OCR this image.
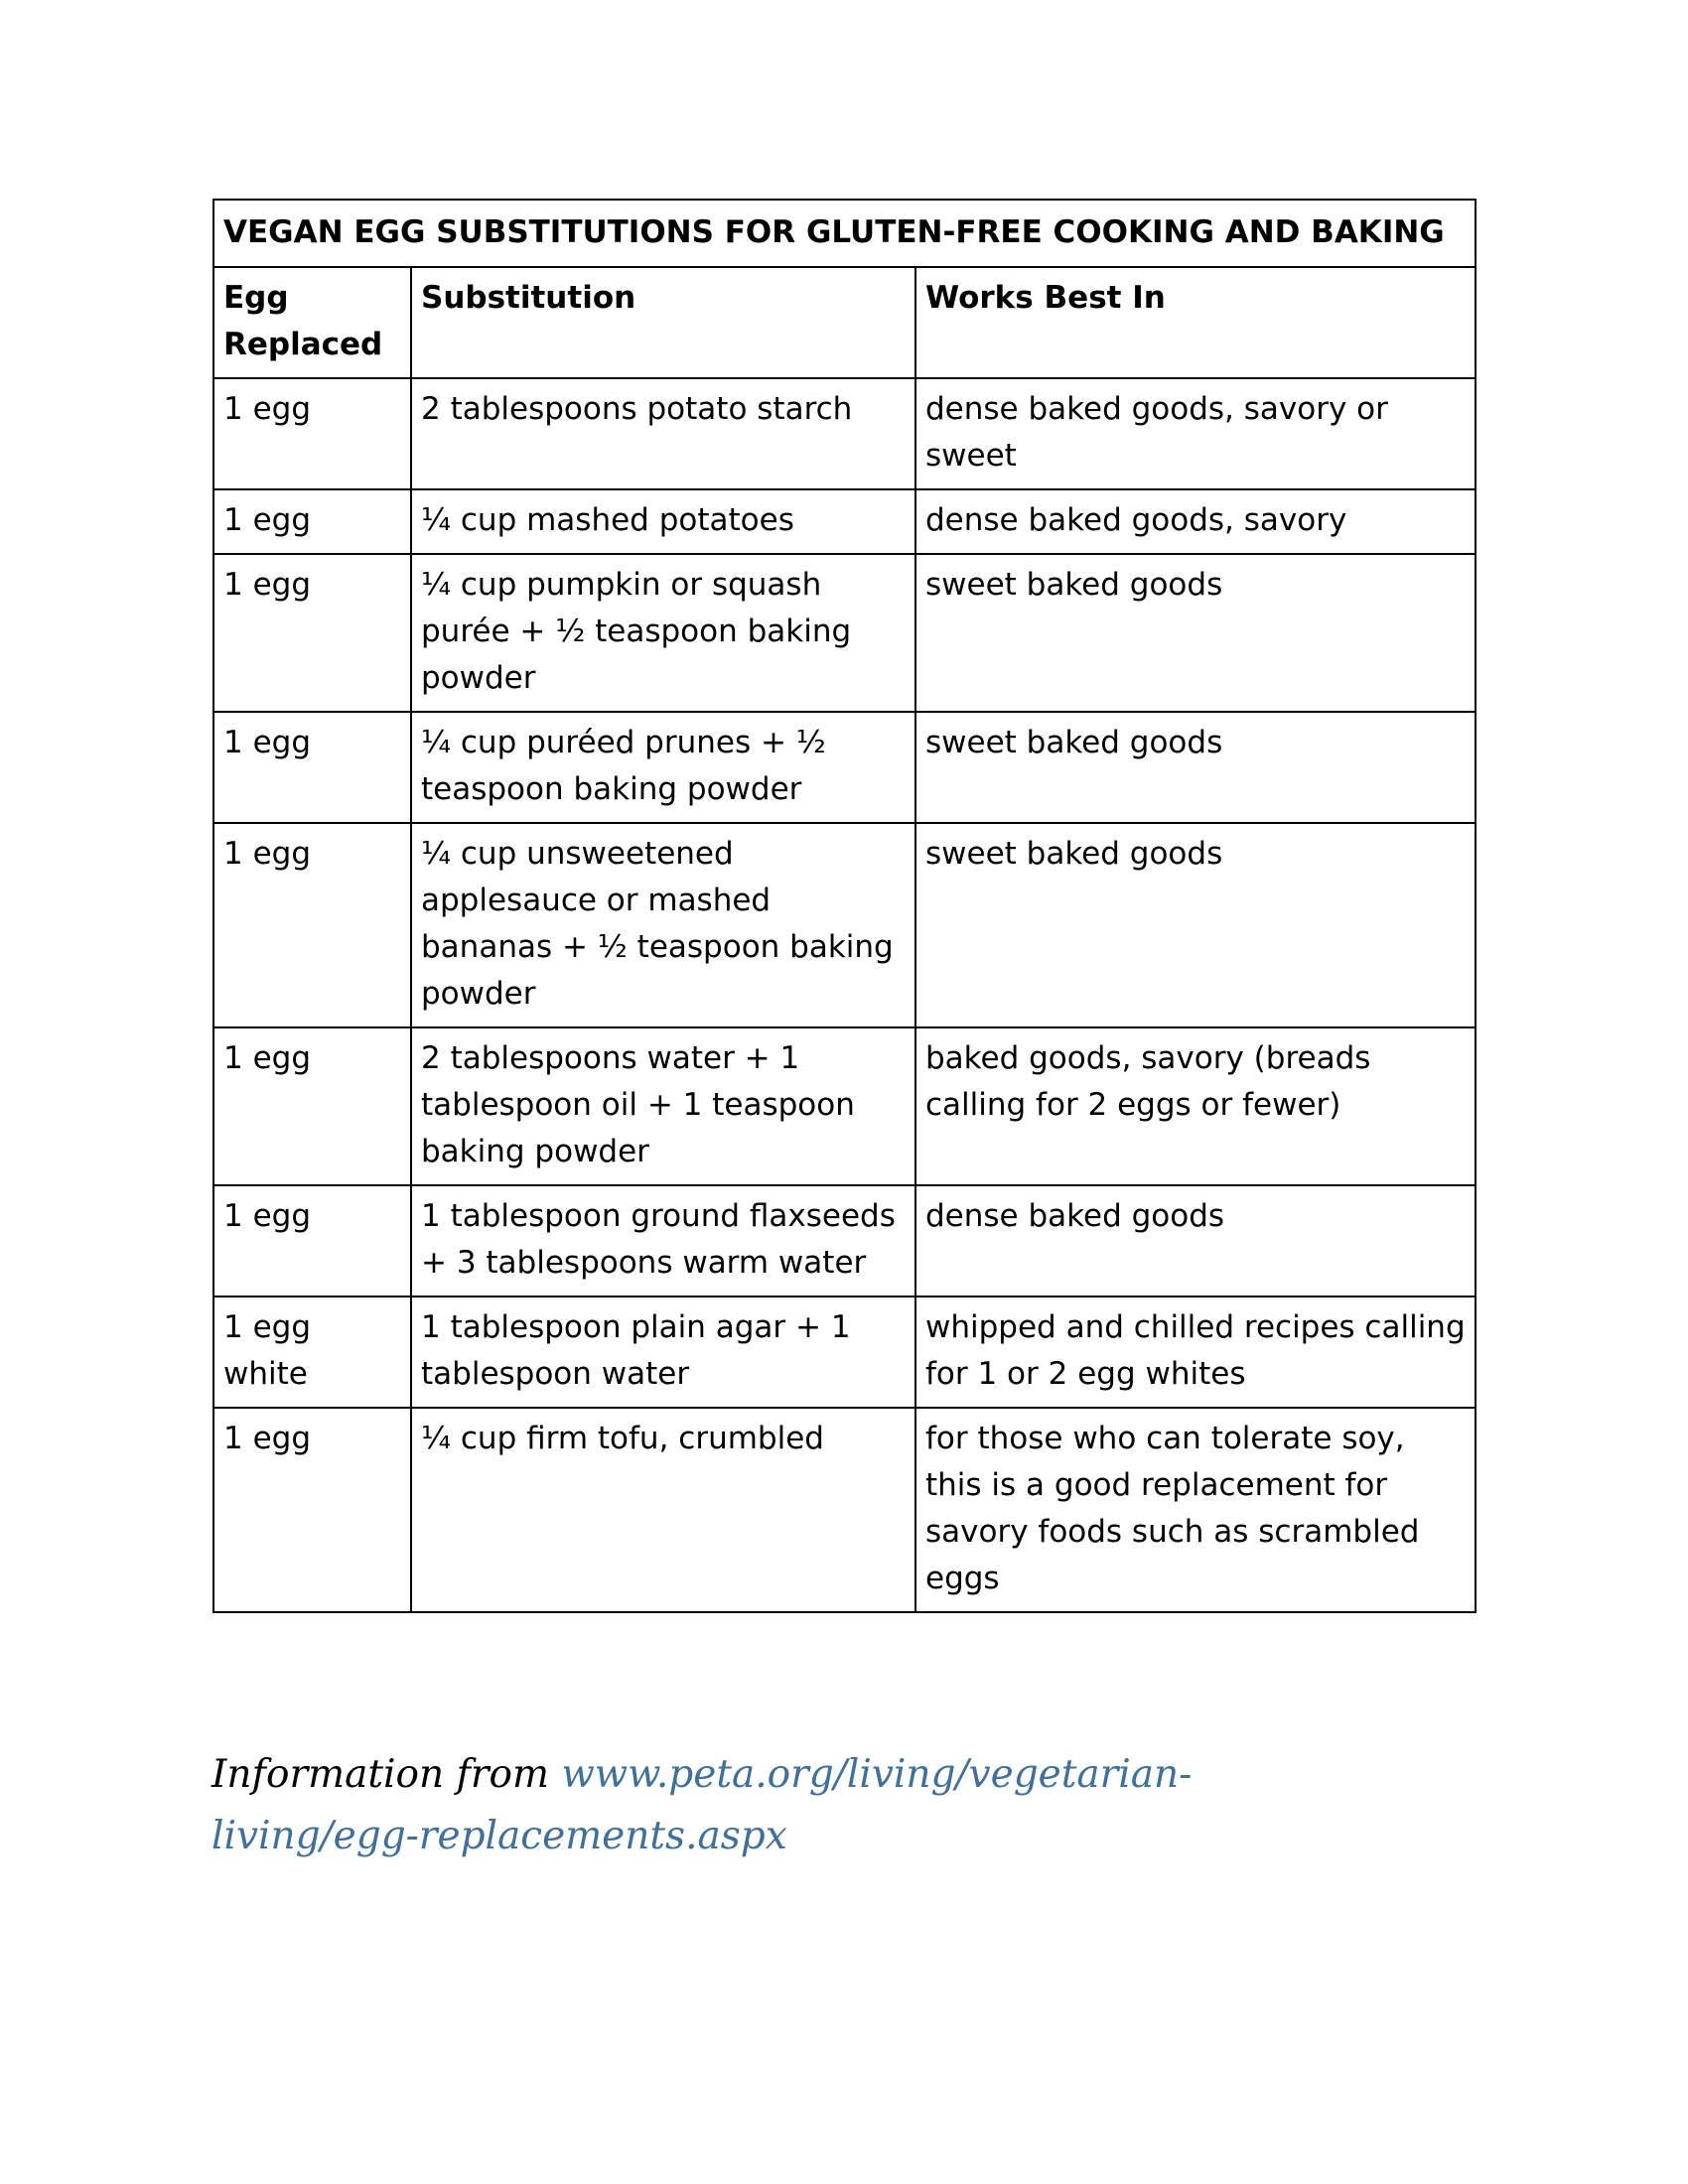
VEGAN EGG SUBSTITUTIONS FOR GLUTEN-FREE COOKING AND BAKING		
Egg Replaced	Substitution	Works Best In
1 egg	2 tablespoons potato starch	dense baked goods, savory or sweet
1 egg	¹⁄₄ cup mashed potatoes	dense baked goods, savory
1 egg	¹⁄₄ cup pumpkin or squash purée + ¹⁄₂ teaspoon baking powder	sweet baked goods
1 egg	¹⁄₄ cup puréed prunes + ¹⁄₂ teaspoon baking powder	sweet baked goods
1 egg	¹⁄₄ cup unsweetened applesauce or mashed bananas + ¹⁄₂ teaspoon baking powder	sweet baked goods
1 egg	2 tablespoons water + 1 tablespoon oil + 1 teaspoon baking powder	baked goods, savory (breads calling for 2 eggs or fewer)
1 egg	1 tablespoon ground flaxseeds + 3 tablespoons warm water	dense baked goods
1 egg white	1 tablespoon plain agar + 1 tablespoon water	whipped and chilled recipes calling for 1 or 2 egg whites
1 egg	¹⁄₄ cup firm tofu, crumbled	for those who can tolerate soy, this is a good replacement for savory foods such as scrambled eggs

Information from www.peta.org/living/vegetarian-living/egg-replacements.aspx
